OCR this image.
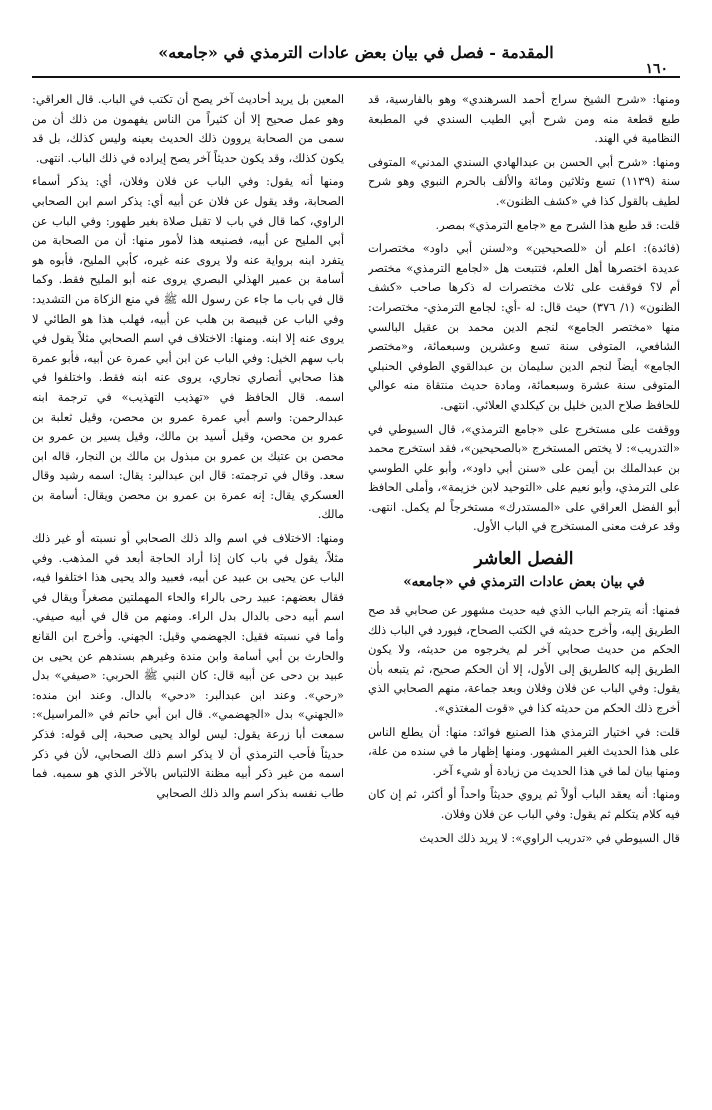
المقدمة - فصل في بيان بعض عادات الترمذي في «جامعه»
١٦٠

ومنها: «شرح الشيخ سراج أحمد السرهندي» وهو بالفارسية، قد طبع قطعة منه ومن شرح أبي الطيب السندي في المطبعة النظامية في الهند.

ومنها: «شرح أبي الحسن بن عبدالهادي السندي المدني» المتوفى سنة (١١٣٩) تسع وثلاثين ومائة والألف بالحرم النبوي وهو شرح لطيف بالقول كذا في «كشف الظنون».

قلت: قد طبع هذا الشرح مع «جامع الترمذي» بمصر.

(فائدة): اعلم أن «للصحيحين» و«لسنن أبي داود» مختصرات عديدة اختصرها أهل العلم، فتتبعت هل «لجامع الترمذي» مختصر أم لا؟ فوقفت على ثلاث مختصرات له ذكرها صاحب «كشف الظنون» (١/ ٣٧٦) حيث قال: له -أي: لجامع الترمذي- مختصرات: منها «مختصر الجامع» لنجم الدين محمد بن عقيل البالسي الشافعي، المتوفى سنة تسع وعشرين وسبعمائة، و«مختصر الجامع» أيضاً لنجم الدين سليمان بن عبدالقوي الطوفي الحنبلي المتوفى سنة عشرة وسبعمائة، ومادة حديث منتقاة منه عوالي للحافظ صلاح الدين خليل بن كيكلدي العلائي. انتهى.

ووقفت على مستخرج على «جامع الترمذي»، قال السيوطي في «التدريب»: لا يختص المستخرج «بالصحيحين»، فقد استخرج محمد بن عبدالملك بن أيمن على «سنن أبي داود»، وأبو علي الطوسي على الترمذي، وأبو نعيم على «التوحيد لابن خزيمة»، وأملى الحافظ أبو الفضل العراقي على «المستدرك» مستخرجاً لم يكمل. انتهى. وقد عرفت معنى المستخرج في الباب الأول.

الفصل العاشر
في بيان بعض عادات الترمذي في «جامعه»

فمنها: أنه يترجم الباب الذي فيه حديث مشهور عن صحابي قد صح الطريق إليه، وأخرج حديثه في الكتب الصحاح، فيورد في الباب ذلك الحكم من حديث صحابي آخر لم يخرجوه من حديثه، ولا يكون الطريق إليه كالطريق إلى الأول، إلا أن الحكم صحيح، ثم يتبعه بأن يقول: وفي الباب عن فلان وفلان وبعد جماعة، منهم الصحابي الذي أخرج ذلك الحكم من حديثه كذا في «قوت المغتذي».

قلت: في اختيار الترمذي هذا الصنيع فوائد: منها: أن يطلع الناس على هذا الحديث الغير المشهور. ومنها إظهار ما في سنده من علة، ومنها بيان لما في هذا الحديث من زيادة أو شيء آخر.

ومنها: أنه يعقد الباب أولاً ثم يروي حديثاً واحداً أو أكثر، ثم إن كان فيه كلام يتكلم ثم يقول: وفي الباب عن فلان وفلان.

قال السيوطي في «تدريب الراوي»: لا يريد ذلك الحديث

المعين بل يريد أحاديث آخر يصح أن تكتب في الباب. قال العراقي: وهو عمل صحيح إلا أن كثيراً من الناس يفهمون من ذلك أن من سمى من الصحابة يروون ذلك الحديث بعينه وليس كذلك، بل قد يكون كذلك، وقد يكون حديثاً آخر يصح إيراده في ذلك الباب. انتهى.

ومنها أنه يقول: وفي الباب عن فلان وفلان، أي: يذكر أسماء الصحابة، وقد يقول عن فلان عن أبيه أي: يذكر اسم ابن الصحابي الراوي، كما قال في باب لا تقبل صلاة بغير طهور: وفي الباب عن أبي المليح عن أبيه، فصنيعه هذا لأمور منها: أن من الصحابة من يتفرد ابنه برواية عنه ولا يروى عنه غيره، كأبي المليح، فأبوه هو أسامة بن عمير الهذلي البصري يروى عنه أبو المليح فقط. وكما قال في باب ما جاء عن رسول الله ﷺ في منع الزكاة من التشديد: وفي الباب عن قبيصة بن هلب عن أبيه، فهلب هذا هو الطائي لا يروى عنه إلا ابنه. ومنها: الاختلاف في اسم الصحابي مثلاً يقول في باب سهم الخيل: وفي الباب عن ابن أبي عمرة عن أبيه، فأبو عمرة هذا صحابي أنصاري نجاري، يروى عنه ابنه فقط. واختلفوا في اسمه. قال الحافظ في «تهذيب التهذيب» في ترجمة ابنه عبدالرحمن: واسم أبي عمرة عمرو بن محصن، وقيل ثعلبة بن عمرو بن محصن، وقيل أسيد بن مالك، وقيل يسير بن عمرو بن محصن بن عتيك بن عمرو بن مبذول بن مالك بن النجار، قاله ابن سعد. وقال في ترجمته: قال ابن عبدالبر: يقال: اسمه رشيد وقال العسكري يقال: إنه عمرة بن عمرو بن محصن ويقال: أسامة بن مالك.

ومنها: الاختلاف في اسم والد ذلك الصحابي أو نسبته أو غير ذلك مثلاً، يقول في باب كان إذا أراد الحاجة أبعد في المذهب. وفي الباب عن يحيى بن عبيد عن أبيه، فعبيد والد يحيى هذا اختلفوا فيه، فقال بعضهم: عبيد رحى بالراء والحاء المهملتين مصغراً ويقال في اسم أبيه دحى بالدال بدل الراء. ومنهم من قال في أبيه صيفي. وأما في نسبته فقيل: الجهضمي وقيل: الجهني. وأخرج ابن القانع والحارث بن أبي أسامة وابن مندة وغيرهم بسندهم عن يحيى بن عبيد بن دحى عن أبيه قال: كان النبي ﷺ الحربي: «صيفي» بدل «رحي». وعند ابن عبدالبر: «دحي» بالدال. وعند ابن منده: «الجهني» بدل «الجهضمي». قال ابن أبي حاتم في «المراسيل»: سمعت أبا زرعة يقول: ليس لوالد يحيى صحبة، إلى قوله: فذكر حديثاً فأحب الترمذي أن لا يذكر اسم ذلك الصحابي، لأن في ذكر اسمه من غير ذكر أبيه مظنة الالتباس بالآخر الذي هو سميه. فما طاب نفسه بذكر اسم والد ذلك الصحابي
